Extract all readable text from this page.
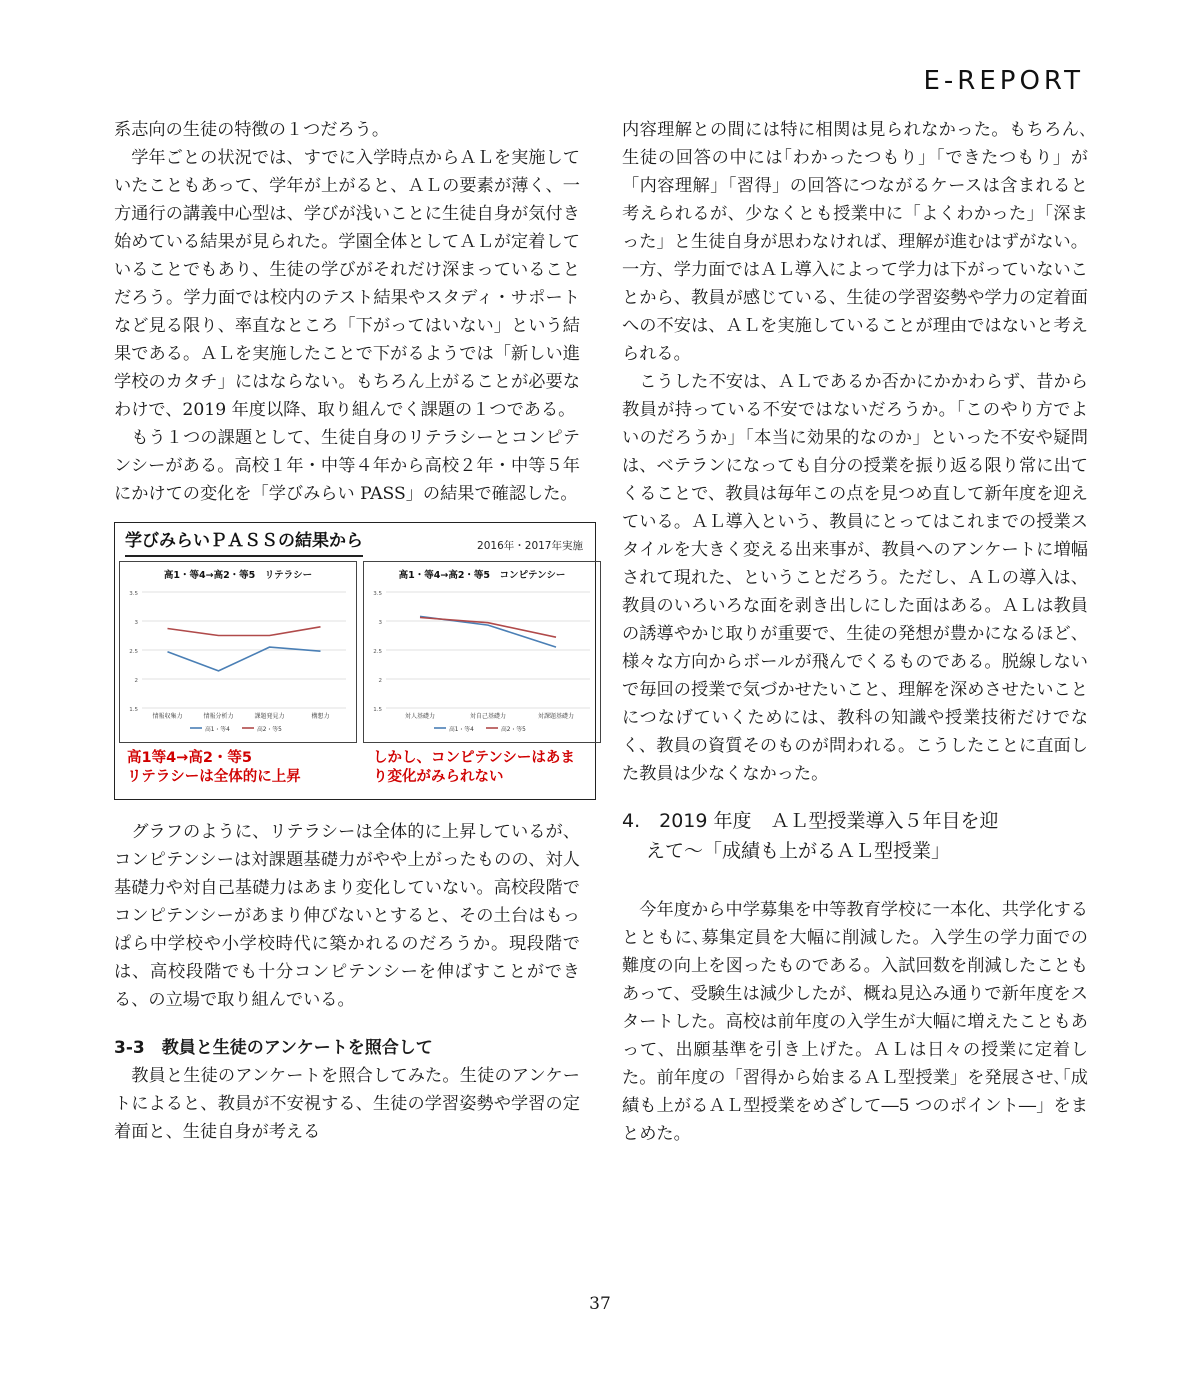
E-REPORT

系志向の生徒の特徴の１つだろう。

学年ごとの状況では、すでに入学時点からＡＬを実施していたこともあって、学年が上がると、ＡＬの要素が薄く、一方通行の講義中心型は、学びが浅いことに生徒自身が気付き始めている結果が見られた。学園全体としてＡＬが定着していることでもあり、生徒の学びがそれだけ深まっていることだろう。学力面では校内のテスト結果やスタディ・サポートなど見る限り、率直なところ「下がってはいない」という結果である。ＡＬを実施したことで下がるようでは「新しい進学校のカタチ」にはならない。もちろん上がることが必要なわけで、2019 年度以降、取り組んでく課題の１つである。

もう１つの課題として、生徒自身のリテラシーとコンピテンシーがある。高校１年・中等４年から高校２年・中等５年にかけての変化を「学びみらい PASS」の結果で確認した。

学びみらいＰＡＳＳの結果から	2016年・2017年実施
高1・等4→高2・等5　リテラシー
3.5
3
2.5
2
1.5
情報収集力	情報分析力	課題発見力	構想力
高1・等4	高2・等5
高1・等4→高2・等5　コンピテンシー
3.5
3
2.5
2
1.5
対人基礎力	対自己基礎力	対課題基礎力
高1・等4	高2・等5
高1等4→高2・等5
リテラシーは全体的に上昇
しかし、コンピテンシーはあまり変化がみられない

グラフのように、リテラシーは全体的に上昇しているが、コンピテンシーは対課題基礎力がやや上がったものの、対人基礎力や対自己基礎力はあまり変化していない。高校段階でコンピテンシーがあまり伸びないとすると、その土台はもっぱら中学校や小学校時代に築かれるのだろうか。現段階では、高校段階でも十分コンピテンシーを伸ばすことができる、の立場で取り組んでいる。

3-3　教員と生徒のアンケートを照合して

教員と生徒のアンケートを照合してみた。生徒のアンケートによると、教員が不安視する、生徒の学習姿勢や学習の定着面と、生徒自身が考える

内容理解との間には特に相関は見られなかった。もちろん､生徒の回答の中には｢わかったつもり｣「できたつもり」が「内容理解」「習得」の回答につながるケースは含まれると考えられるが、少なくとも授業中に「よくわかった」｢深まった」と生徒自身が思わなければ、理解が進むはずがない。一方、学力面ではＡＬ導入によって学力は下がっていないことから、教員が感じている、生徒の学習姿勢や学力の定着面への不安は、ＡＬを実施していることが理由ではないと考えられる。

こうした不安は、ＡＬであるか否かにかかわらず、昔から教員が持っている不安ではないだろうか。「このやり方でよいのだろうか」「本当に効果的なのか」といった不安や疑問は、ベテランになっても自分の授業を振り返る限り常に出てくることで、教員は毎年この点を見つめ直して新年度を迎えている。ＡＬ導入という、教員にとってはこれまでの授業スタイルを大きく変える出来事が、教員へのアンケートに増幅されて現れた、ということだろう。ただし、ＡＬの導入は、教員のいろいろな面を剥き出しにした面はある。ＡＬは教員の誘導やかじ取りが重要で、生徒の発想が豊かになるほど、様々な方向からボールが飛んでくるものである。脱線しないで毎回の授業で気づかせたいこと、理解を深めさせたいことにつなげていくためには、教科の知識や授業技術だけでなく、教員の資質そのものが問われる。こうしたことに直面した教員は少なくなかった。

4.　2019 年度　ＡＬ型授業導入５年目を迎
えて～「成績も上がるＡＬ型授業」

今年度から中学募集を中等教育学校に一本化、共学化するとともに､募集定員を大幅に削減した。入学生の学力面での難度の向上を図ったものである。入試回数を削減したこともあって、受験生は減少したが、概ね見込み通りで新年度をスタートした。高校は前年度の入学生が大幅に増えたこともあって、出願基準を引き上げた。ＡＬは日々の授業に定着した。前年度の「習得から始まるＡＬ型授業」を発展させ､｢成績も上がるＡＬ型授業をめざして―5 つのポイント―」をまとめた。

37
